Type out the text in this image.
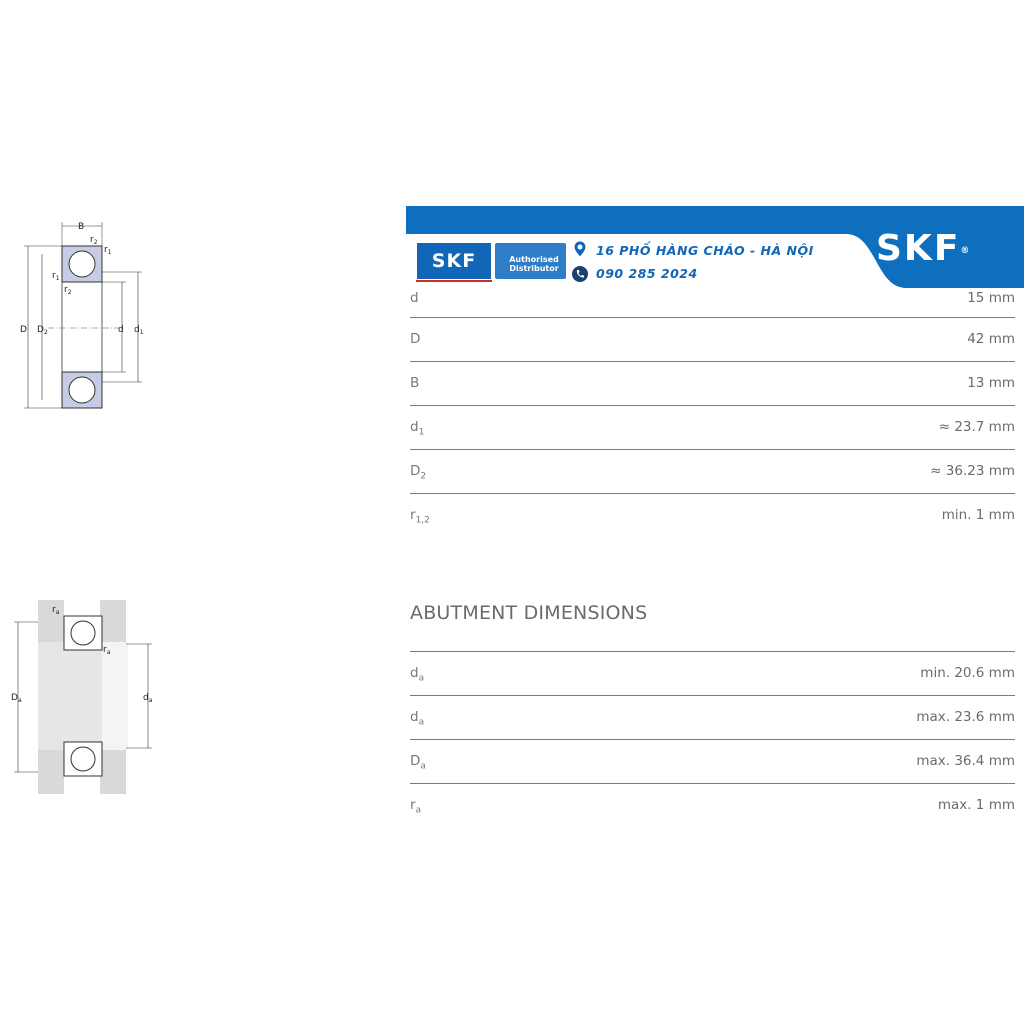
B
D $D_2$	d $d_1$
$r_2$
$r_1$
$r_1$
$r_2$
$D_a$	$d_a$
$r_a$
$r_a$
SKF	Authorised
Distributor
16 PHỐ HÀNG CHÁO - HÀ NỘI
090 285 2024
SKF®
d	15 mm
D	42 mm
B	13 mm
$d_1$	≈ 23.7 mm
$D_2$	≈ 36.23 mm
$r_{1,2}$	min. 1 mm
ABUTMENT DIMENSIONS
$d_a$	min. 20.6 mm
$d_a$	max. 23.6 mm
$D_a$	max. 36.4 mm
$r_a$	max. 1 mm
